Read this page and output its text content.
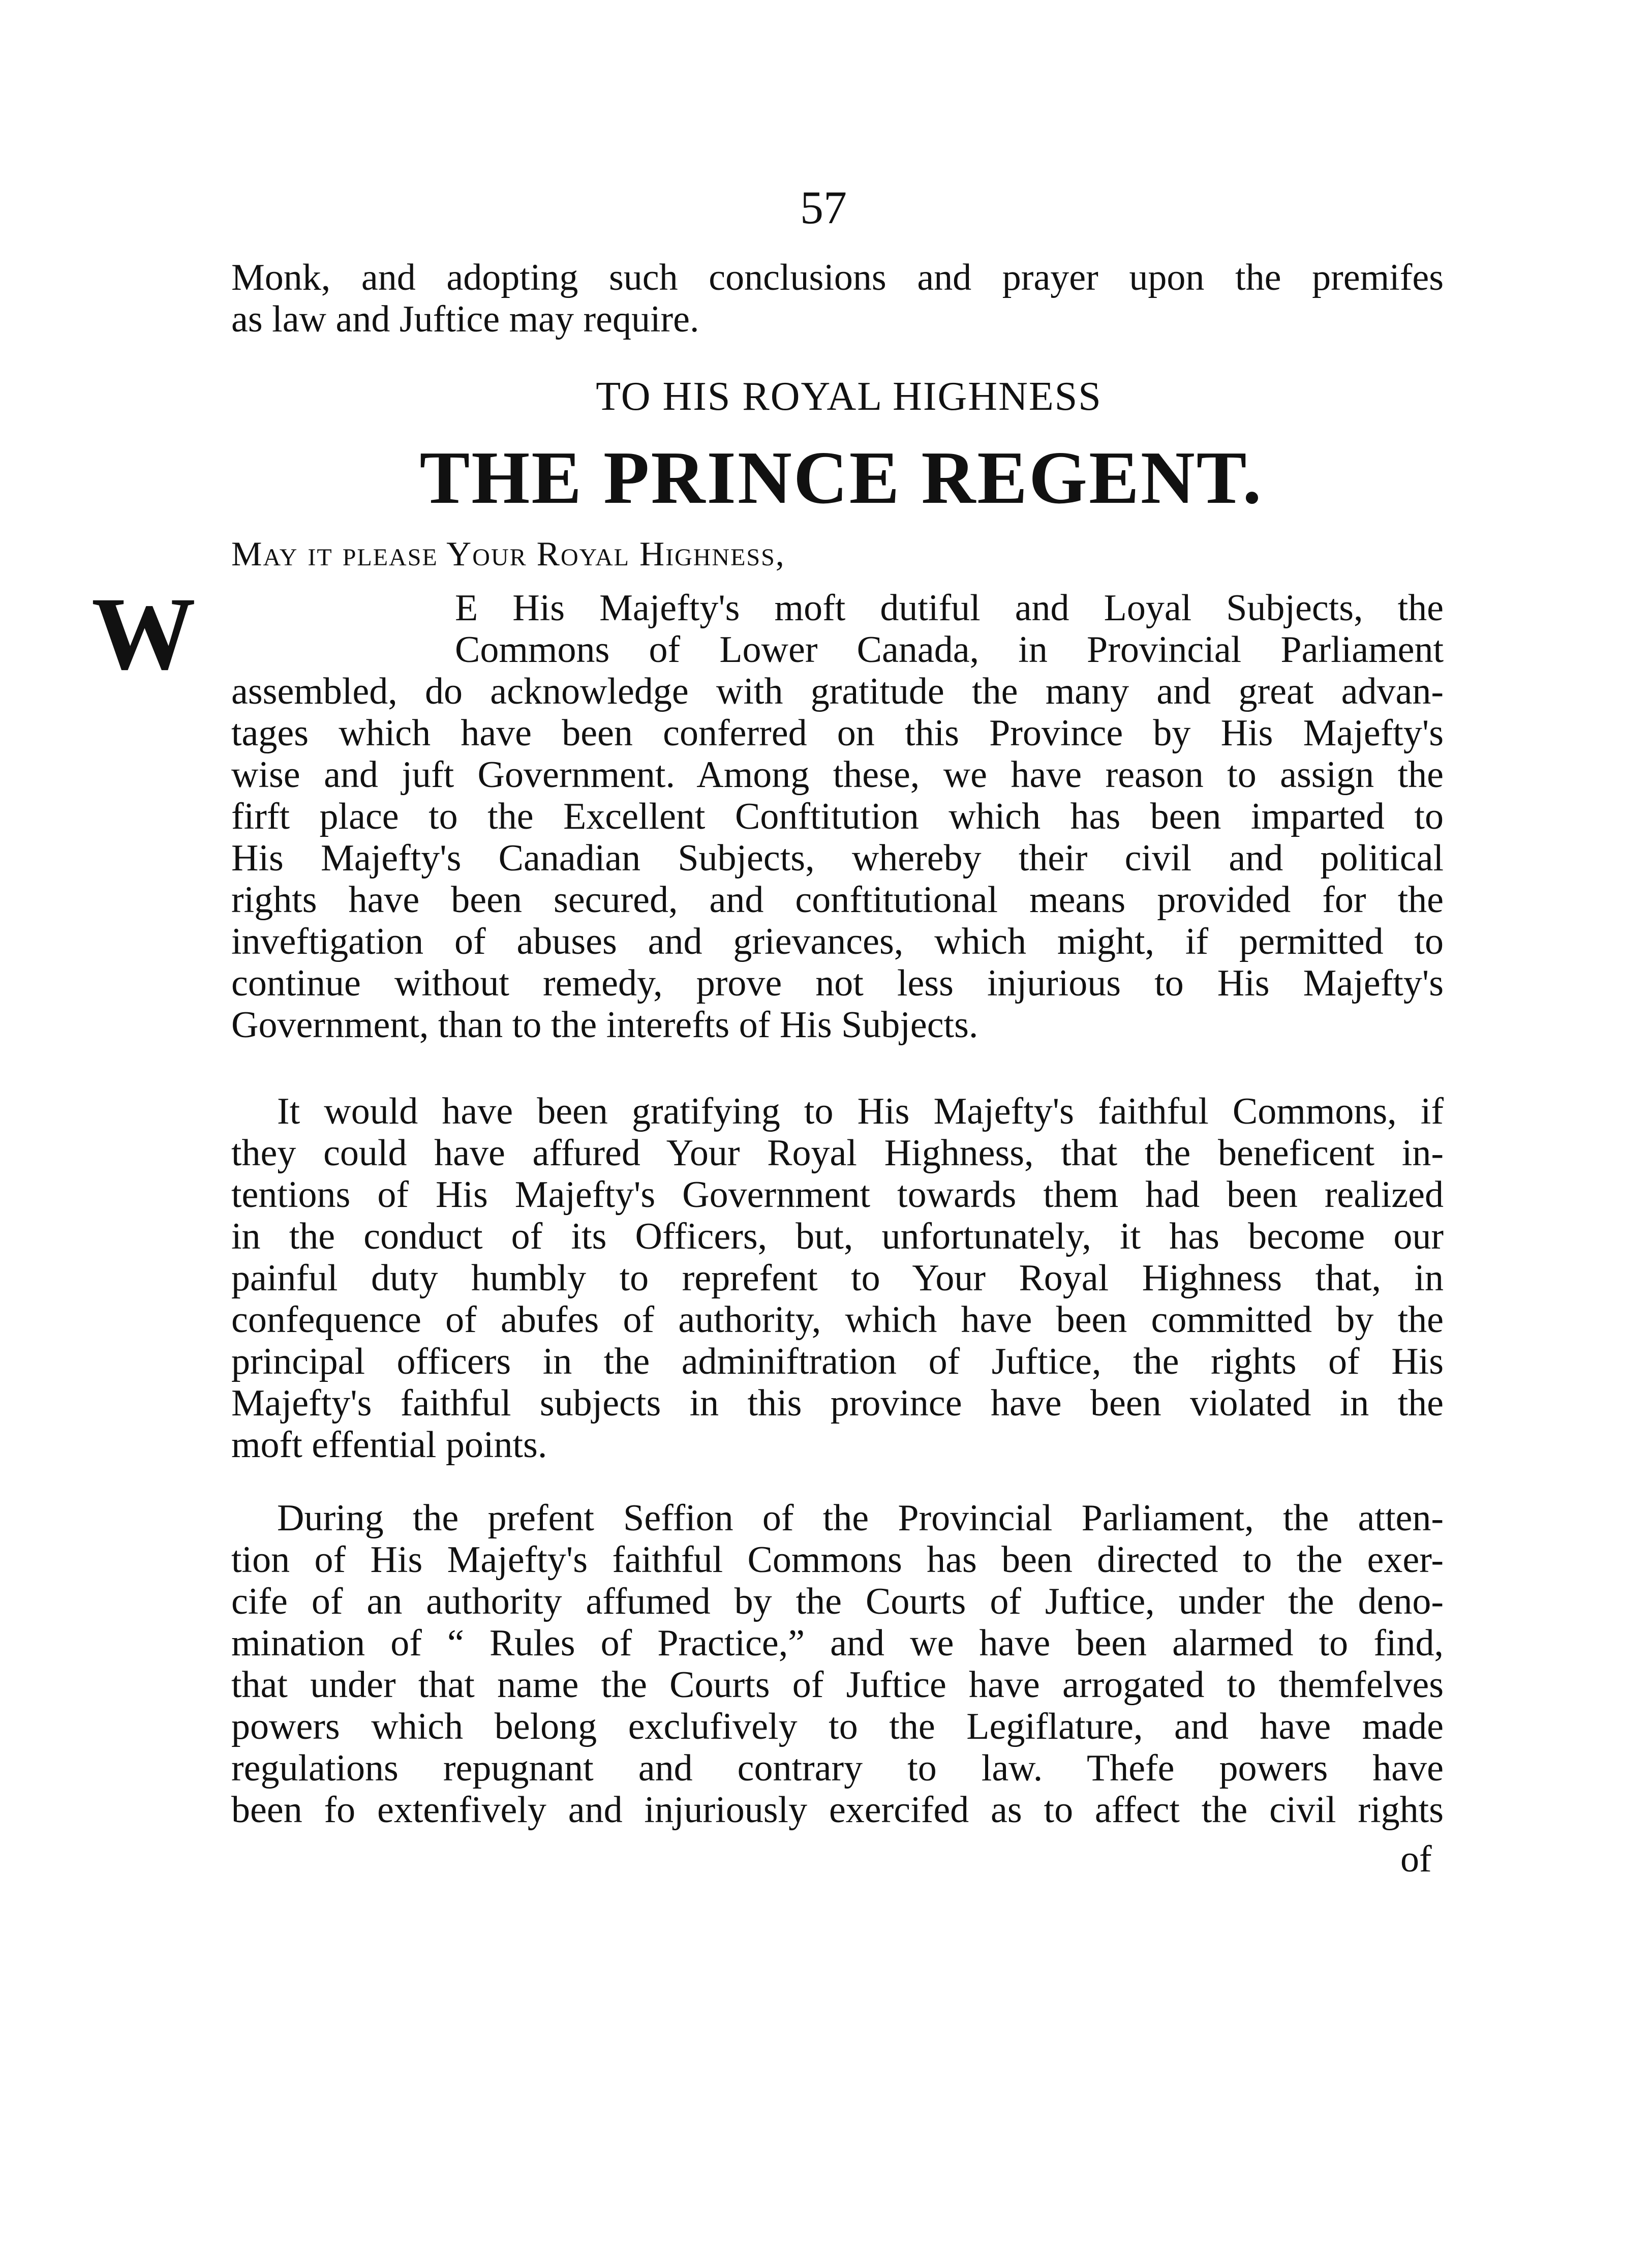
57
Monk, and adopting such conclusions and prayer upon the premifes
as law and Juftice may require.
TO HIS ROYAL HIGHNESS
THE PRINCE REGENT.
May it please Your Royal Highness,
W	E His Majefty's moft dutiful and Loyal Subjects, the
Commons of Lower Canada, in Provincial Parliament
assembled, do acknowledge with gratitude the many and great advan-
tages which have been conferred on this Province by His Majefty's
wise and juft Government. Among these, we have reason to assign the
firft place to the Excellent Conftitution which has been imparted to
His Majefty's Canadian Subjects, whereby their civil and political
rights have been secured, and conftitutional means provided for the
inveftigation of abuses and grievances, which might, if permitted to
continue without remedy, prove not less injurious to His Majefty's
Government, than to the interefts of His Subjects.
It would have been gratifying to His Majefty's faithful Commons, if
they could have affured Your Royal Highness, that the beneficent in-
tentions of His Majefty's Government towards them had been realized
in the conduct of its Officers, but, unfortunately, it has become our
painful duty humbly to reprefent to Your Royal Highness that, in
confequence of abufes of authority, which have been committed by the
principal officers in the adminiftration of Juftice, the rights of His
Majefty's faithful subjects in this province have been violated in the
moft effential points.
During the prefent Seffion of the Provincial Parliament, the atten-
tion of His Majefty's faithful Commons has been directed to the exer-
cife of an authority affumed by the Courts of Juftice, under the deno-
mination of “ Rules of Practice,” and we have been alarmed to find,
that under that name the Courts of Juftice have arrogated to themfelves
powers which belong exclufively to the Legiflature, and have made
regulations repugnant and contrary to law. Thefe powers have
been fo extenfively and injuriously exercifed as to affect the civil rights
of
